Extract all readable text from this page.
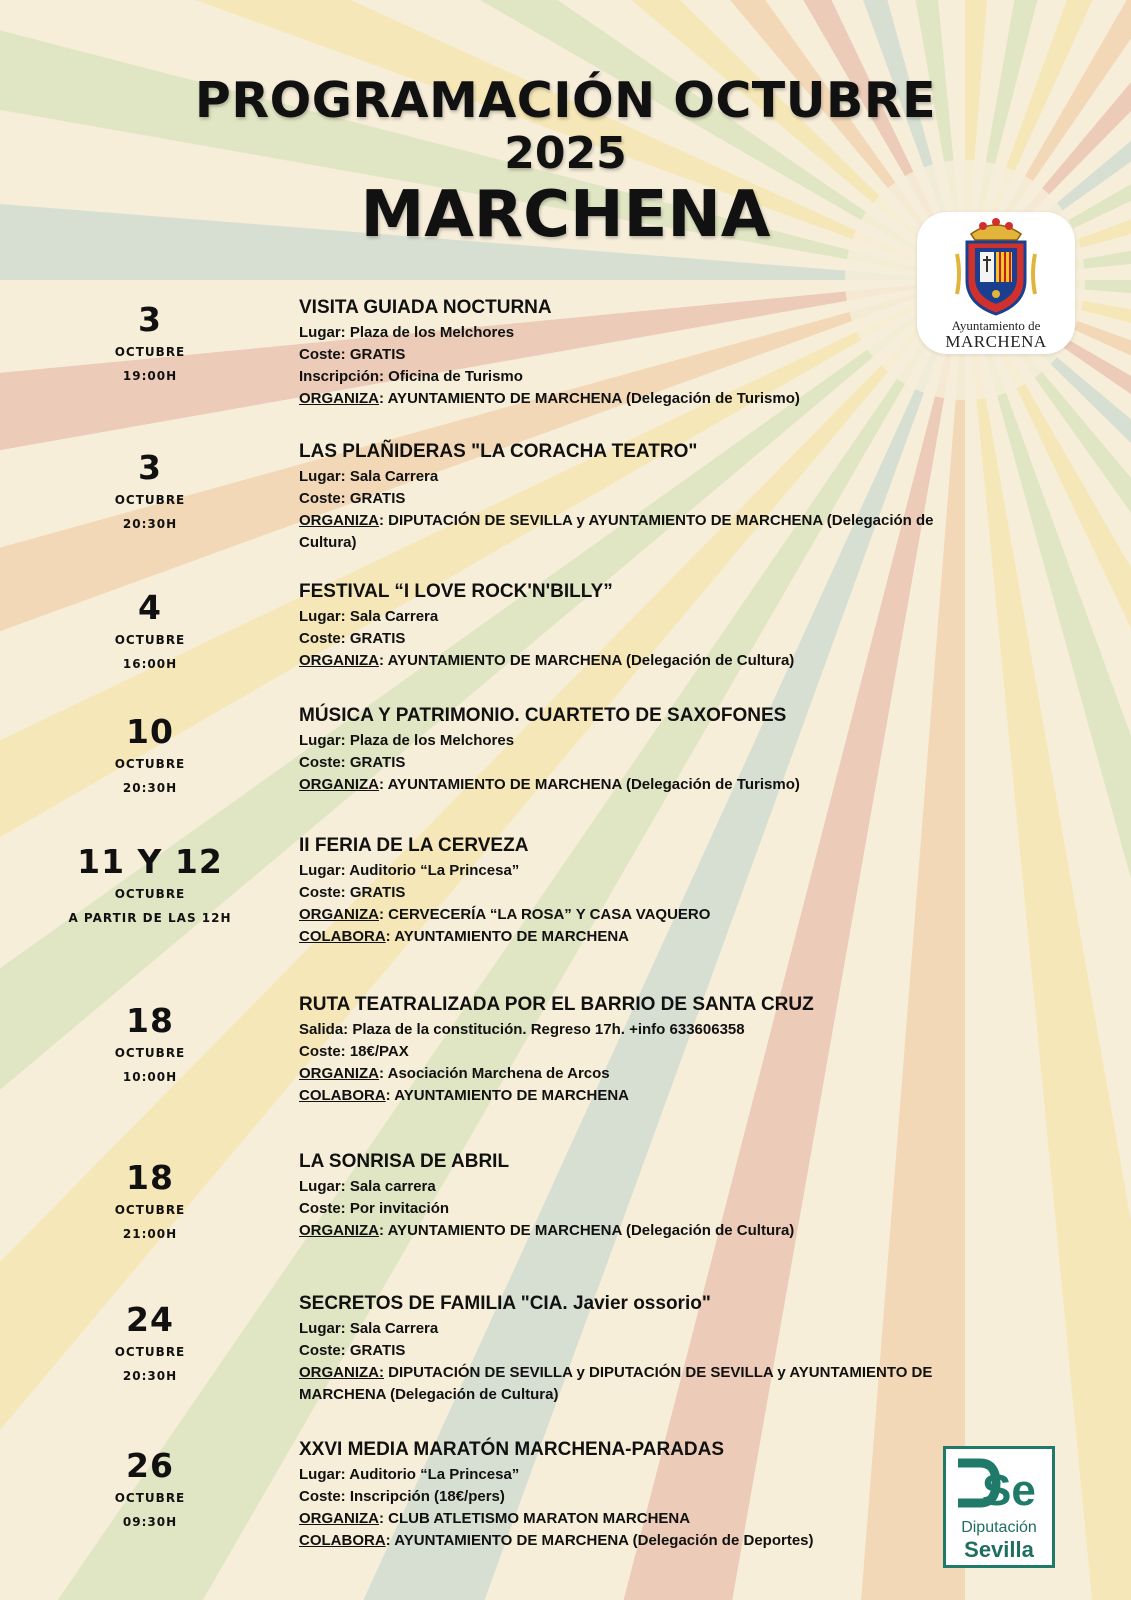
PROGRAMACIÓN OCTUBRE
2025
MARCHENA
Ayuntamiento de
MARCHENA
3
OCTUBRE
19:00H
VISITA GUIADA NOCTURNA
Lugar: Plaza de los Melchores
Coste: GRATIS
Inscripción: Oficina de Turismo
ORGANIZA: AYUNTAMIENTO DE MARCHENA (Delegación de Turismo)
3
OCTUBRE
20:30H
LAS PLAÑIDERAS "LA CORACHA TEATRO"
Lugar: Sala Carrera
Coste: GRATIS
ORGANIZA: DIPUTACIÓN DE SEVILLA y AYUNTAMIENTO DE MARCHENA (Delegación de
Cultura)
4
OCTUBRE
16:00H
FESTIVAL “I LOVE ROCK'N'BILLY”
Lugar: Sala Carrera
Coste: GRATIS
ORGANIZA: AYUNTAMIENTO DE MARCHENA (Delegación de Cultura)
10
OCTUBRE
20:30H
MÚSICA Y PATRIMONIO. CUARTETO DE SAXOFONES
Lugar: Plaza de los Melchores
Coste: GRATIS
ORGANIZA: AYUNTAMIENTO DE MARCHENA (Delegación de Turismo)
11 Y 12
OCTUBRE
A PARTIR DE LAS 12H
II FERIA DE LA CERVEZA
Lugar: Auditorio “La Princesa”
Coste: GRATIS
ORGANIZA: CERVECERÍA “LA ROSA” Y CASA VAQUERO
COLABORA: AYUNTAMIENTO DE MARCHENA
18
OCTUBRE
10:00H
RUTA TEATRALIZADA POR EL BARRIO DE SANTA CRUZ
Salida: Plaza de la constitución. Regreso 17h. +info 633606358
Coste: 18€/PAX
ORGANIZA: Asociación Marchena de Arcos
COLABORA: AYUNTAMIENTO DE MARCHENA
18
OCTUBRE
21:00H
LA SONRISA DE ABRIL
Lugar: Sala carrera
Coste: Por invitación
ORGANIZA: AYUNTAMIENTO DE MARCHENA (Delegación de Cultura)
24
OCTUBRE
20:30H
SECRETOS DE FAMILIA "CIA. Javier ossorio"
Lugar: Sala Carrera
Coste: GRATIS
ORGANIZA: DIPUTACIÓN DE SEVILLA y DIPUTACIÓN DE SEVILLA y AYUNTAMIENTO DE
MARCHENA (Delegación de Cultura)
26
OCTUBRE
09:30H
XXVI MEDIA MARATÓN MARCHENA-PARADAS
Lugar: Auditorio “La Princesa”
Coste: Inscripción (18€/pers)
ORGANIZA: CLUB ATLETISMO MARATON MARCHENA
COLABORA: AYUNTAMIENTO DE MARCHENA (Delegación de Deportes)
Se
Diputación
Sevilla
